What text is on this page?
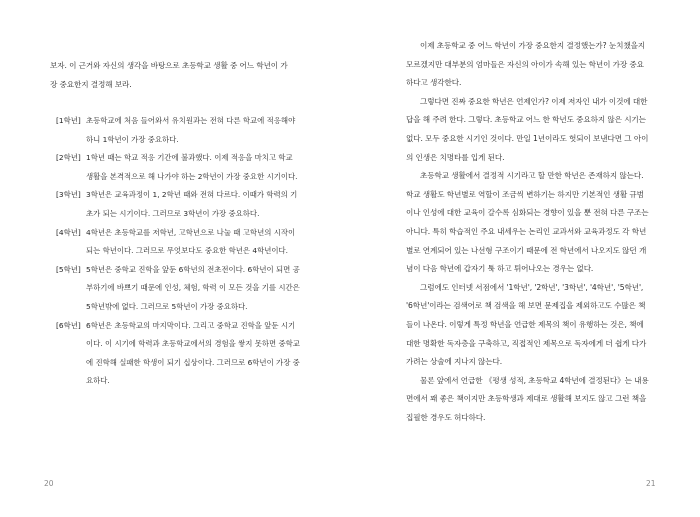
보자. 이 근거와 자신의 생각을 바탕으로 초등학교 생활 중 어느 학년이 가장 중요한지 결정해 보라.

[1학년] 초등학교에 처음 들어와서 유치원과는 전혀 다른 학교에 적응해야 하니 1학년이 가장 중요하다.
[2학년] 1학년 때는 학교 적응 기간에 불과했다. 이제 적응을 마치고 학교 생활을 본격적으로 해 나가야 하는 2학년이 가장 중요한 시기이다.
[3학년] 3학년은 교육과정이 1, 2학년 때와 전혀 다르다. 이때가 학력의 기초가 되는 시기이다. 그러므로 3학년이 가장 중요하다.
[4학년] 4학년은 초등학교를 저학년, 고학년으로 나눌 때 고학년의 시작이 되는 학년이다. 그러므로 무엇보다도 중요한 학년은 4학년이다.
[5학년] 5학년은 중학교 진학을 앞둔 6학년의 전초전이다. 6학년이 되면 공부하기에 바쁘기 때문에 인성, 체험, 학력 이 모든 것을 기를 시간은 5학년밖에 없다. 그러므로 5학년이 가장 중요하다.
[6학년] 6학년은 초등학교의 마지막이다. 그리고 중학교 진학을 앞둔 시기이다. 이 시기에 학력과 초등학교에서의 경험을 쌓지 못하면 중학교에 진학해 실패한 학생이 되기 십상이다. 그러므로 6학년이 가장 중요하다.
20

이제 초등학교 중 어느 학년이 가장 중요한지 결정했는가? 눈치챘을지 모르겠지만 대부분의 엄마들은 자신의 아이가 속해 있는 학년이 가장 중요하다고 생각한다.

그렇다면 진짜 중요한 학년은 언제인가? 이제 저자인 내가 이것에 대한 답을 해 주려 한다. 그렇다. 초등학교 어느 한 학년도 중요하지 않은 시기는 없다. 모두 중요한 시기인 것이다. 만일 1년이라도 헛되이 보낸다면 그 아이의 인생은 치명타를 입게 된다.

초등학교 생활에서 결정적 시기라고 할 만한 학년은 존재하지 않는다. 학교 생활도 학년별로 역할이 조금씩 변하기는 하지만 기본적인 생활 규범이나 인성에 대한 교육이 갈수록 심화되는 경향이 있을 뿐 전혀 다른 구조는 아니다. 특히 학습적인 주요 내세우는 논리인 교과서와 교육과정도 각 학년별로 연계되어 있는 나선형 구조이기 때문에 전 학년에서 나오지도 않던 개념이 다음 학년에 갑자기 툭 하고 튀어나오는 경우는 없다.

그럼에도 인터넷 서점에서 '1학년', '2학년', '3학년', '4학년', '5학년', '6학년'이라는 검색어로 책 검색을 해 보면 문제집을 제외하고도 수많은 책들이 나온다. 이렇게 특정 학년을 언급한 제목의 책이 유행하는 것은, 책에 대한 명확한 독자층을 구축하고, 직접적인 제목으로 독자에게 더 쉽게 다가가려는 상술에 지나지 않는다.

물론 앞에서 언급한 《평생 성적, 초등학교 4학년에 결정된다》는 내용면에서 꽤 좋은 책이지만 초등학생과 제대로 생활해 보지도 않고 그런 책을 집필한 경우도 허다하다.

21
